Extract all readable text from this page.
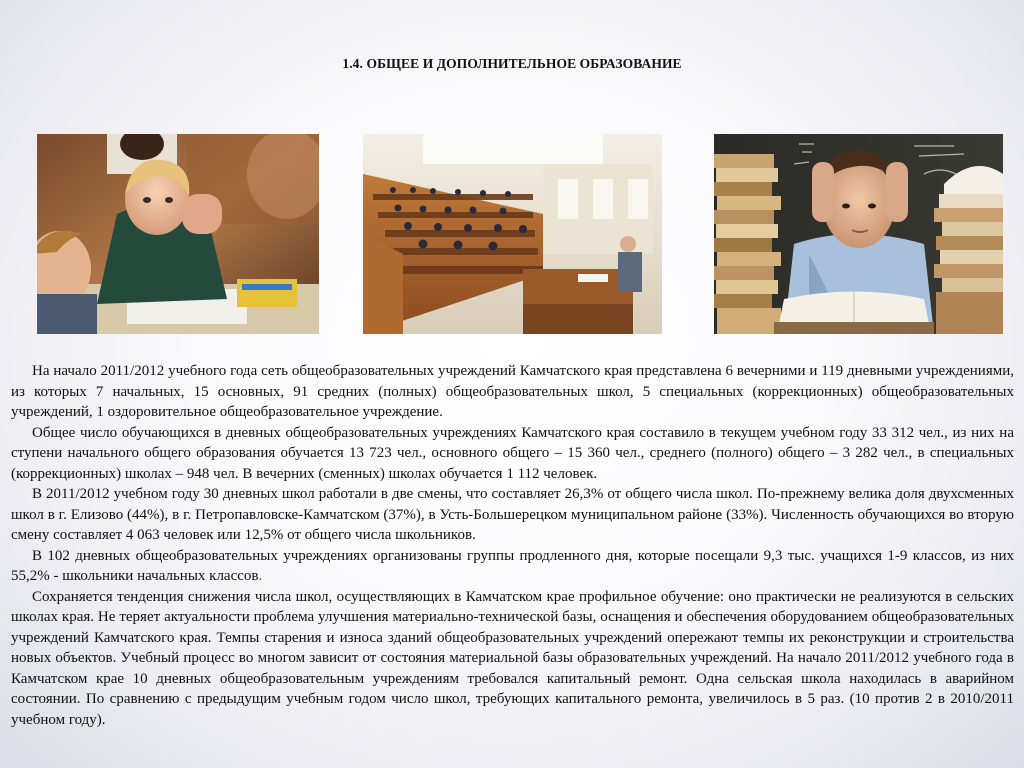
1.4. ОБЩЕЕ И ДОПОЛНИТЕЛЬНОЕ ОБРАЗОВАНИЕ

На начало 2011/2012 учебного года сеть общеобразовательных учреждений Камчатского края представлена 6 вечерними и 119 дневными учреждениями, из которых 7 начальных, 15 основных, 91 средних (полных) общеобразовательных школ, 5 специальных (коррекционных) общеобразовательных учреждений, 1 оздоровительное общеобразовательное учреждение.

Общее число обучающихся в дневных общеобразовательных учреждениях Камчатского края составило в текущем учебном году 33 312 чел., из них на ступени начального общего образования обучается 13 723 чел., основного общего – 15 360 чел., среднего (полного) общего – 3 282 чел., в специальных (коррекционных) школах – 948 чел. В вечерних (сменных) школах обучается 1 112 человек.

В 2011/2012 учебном году 30 дневных школ работали в две смены, что составляет 26,3% от общего числа школ. По-прежнему велика доля двухсменных школ в г. Елизово (44%), в г. Петропавловске-Камчатском (37%), в Усть-Большерецком муниципальном районе (33%). Численность обучающихся во вторую смену составляет 4 063 человек или 12,5% от общего числа школьников.

В 102 дневных общеобразовательных учреждениях организованы группы продленного дня, которые посещали 9,3 тыс. учащихся 1-9 классов, из них 55,2% - школьники начальных классов.

Сохраняется тенденция снижения числа школ, осуществляющих в Камчатском крае профильное обучение: оно практически не реализуются в сельских школах края. Не теряет актуальности проблема улучшения материально-технической базы, оснащения и обеспечения оборудованием общеобразовательных учреждений Камчатского края. Темпы старения и износа зданий общеобразовательных учреждений опережают темпы их реконструкции и строительства новых объектов. Учебный процесс во многом зависит от состояния материальной базы образовательных учреждений. На начало 2011/2012 учебного года в Камчатском крае 10 дневных общеобразовательным учреждениям требовался капитальный ремонт. Одна сельская школа находилась в аварийном состоянии. По сравнению с предыдущим учебным годом число школ, требующих капитального ремонта, увеличилось в 5 раз. (10 против 2 в 2010/2011 учебном году).
